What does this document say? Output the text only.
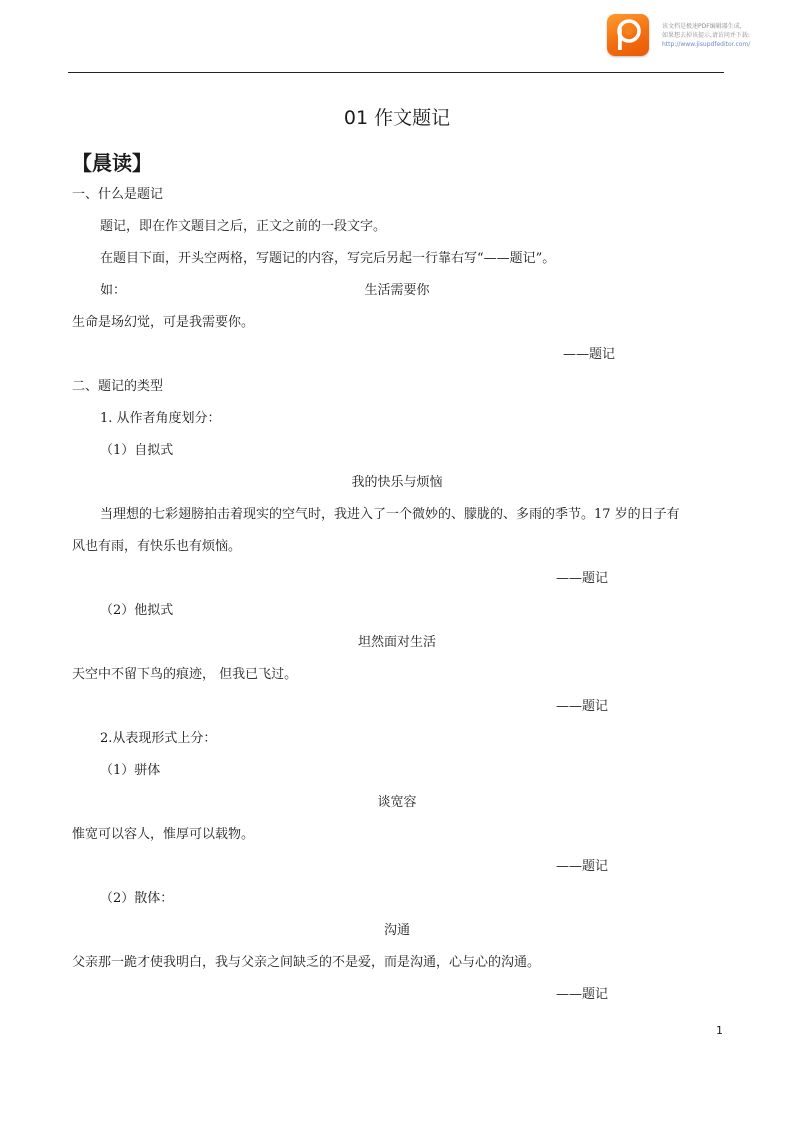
该文档是极速PDF编辑器生成,
如果想去掉该提示,请访问并下载:
http://www.jisupdfeditor.com/
01 作文题记
【晨读】
一、什么是题记
题记，即在作文题目之后，正文之前的一段文字。
在题目下面，开头空两格，写题记的内容，写完后另起一行靠右写“——题记”。
如：	生活需要你
生命是场幻觉，可是我需要你。
——题记
二、题记的类型
1. 从作者角度划分：
（1）自拟式
我的快乐与烦恼
当理想的七彩翅膀拍击着现实的空气时，我进入了一个微妙的、朦胧的、多雨的季节。17 岁的日子有
风也有雨，有快乐也有烦恼。
——题记
（2）他拟式
坦然面对生活
天空中不留下鸟的痕迹， 但我已飞过。
——题记
2.从表现形式上分：
（1）骈体
谈宽容
惟宽可以容人，惟厚可以载物。
——题记
（2）散体：
沟通
父亲那一跪才使我明白，我与父亲之间缺乏的不是爱，而是沟通，心与心的沟通。
——题记
1
